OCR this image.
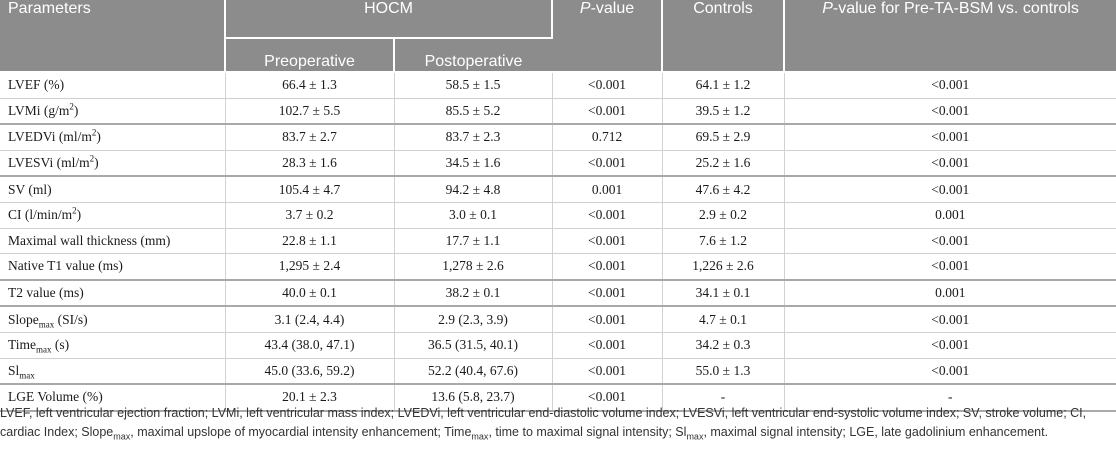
Parameters	HOCM		P-value	Controls	P-value for Pre-TA-BSM vs. controls
	Preoperative	Postoperative			
LVEF (%)	66.4 ± 1.3	58.5 ± 1.5	<0.001	64.1 ± 1.2	<0.001
LVMi $(g/m^2)$	102.7 ± 5.5	85.5 ± 5.2	<0.001	39.5 ± 1.2	<0.001
LVEDVi $(ml/m^2)$	83.7 ± 2.7	83.7 ± 2.3	0.712	69.5 ± 2.9	<0.001
LVESVi $(ml/m^2)$	28.3 ± 1.6	34.5 ± 1.6	<0.001	25.2 ± 1.6	<0.001
SV (ml)	105.4 ± 4.7	94.2 ± 4.8	0.001	47.6 ± 4.2	<0.001
CI $(l/\min/m^2)$	3.7 ± 0.2	3.0 ± 0.1	<0.001	2.9 ± 0.2	0.001
Maximal wall thickness (mm)	22.8 ± 1.1	17.7 ± 1.1	<0.001	7.6 ± 1.2	<0.001
Native T1 value (ms)	1,295 ± 2.4	1,278 ± 2.6	<0.001	1,226 ± 2.6	<0.001
T2 value (ms)	40.0 ± 0.1	38.2 ± 0.1	<0.001	34.1 ± 0.1	0.001
Slope$_{max}$ (SI/s)	3.1 (2.4, 4.4)	2.9 (2.3, 3.9)	<0.001	4.7 ± 0.1	<0.001
Time$_{max}$ (s)	43.4 (38.0, 47.1)	36.5 (31.5, 40.1)	<0.001	34.2 ± 0.3	<0.001
$Sl_{max}$	45.0 (33.6, 59.2)	52.2 (40.4, 67.6)	<0.001	55.0 ± 1.3	<0.001
LGE Volume (%)	20.1 ± 2.3	13.6 (5.8, 23.7)	<0.001	-	-

LVEF, left ventricular ejection fraction; LVMi, left ventricular mass index; LVEDVi, left ventricular end-diastolic volume index; LVESVi, left ventricular end-systolic volume index; SV, stroke volume; CI, cardiac Index; Slope$_{max}$, maximal upslope of myocardial intensity enhancement; Time$_{max}$, time to maximal signal intensity; $Sl_{max}$, maximal signal intensity; LGE, late gadolinium enhancement.
